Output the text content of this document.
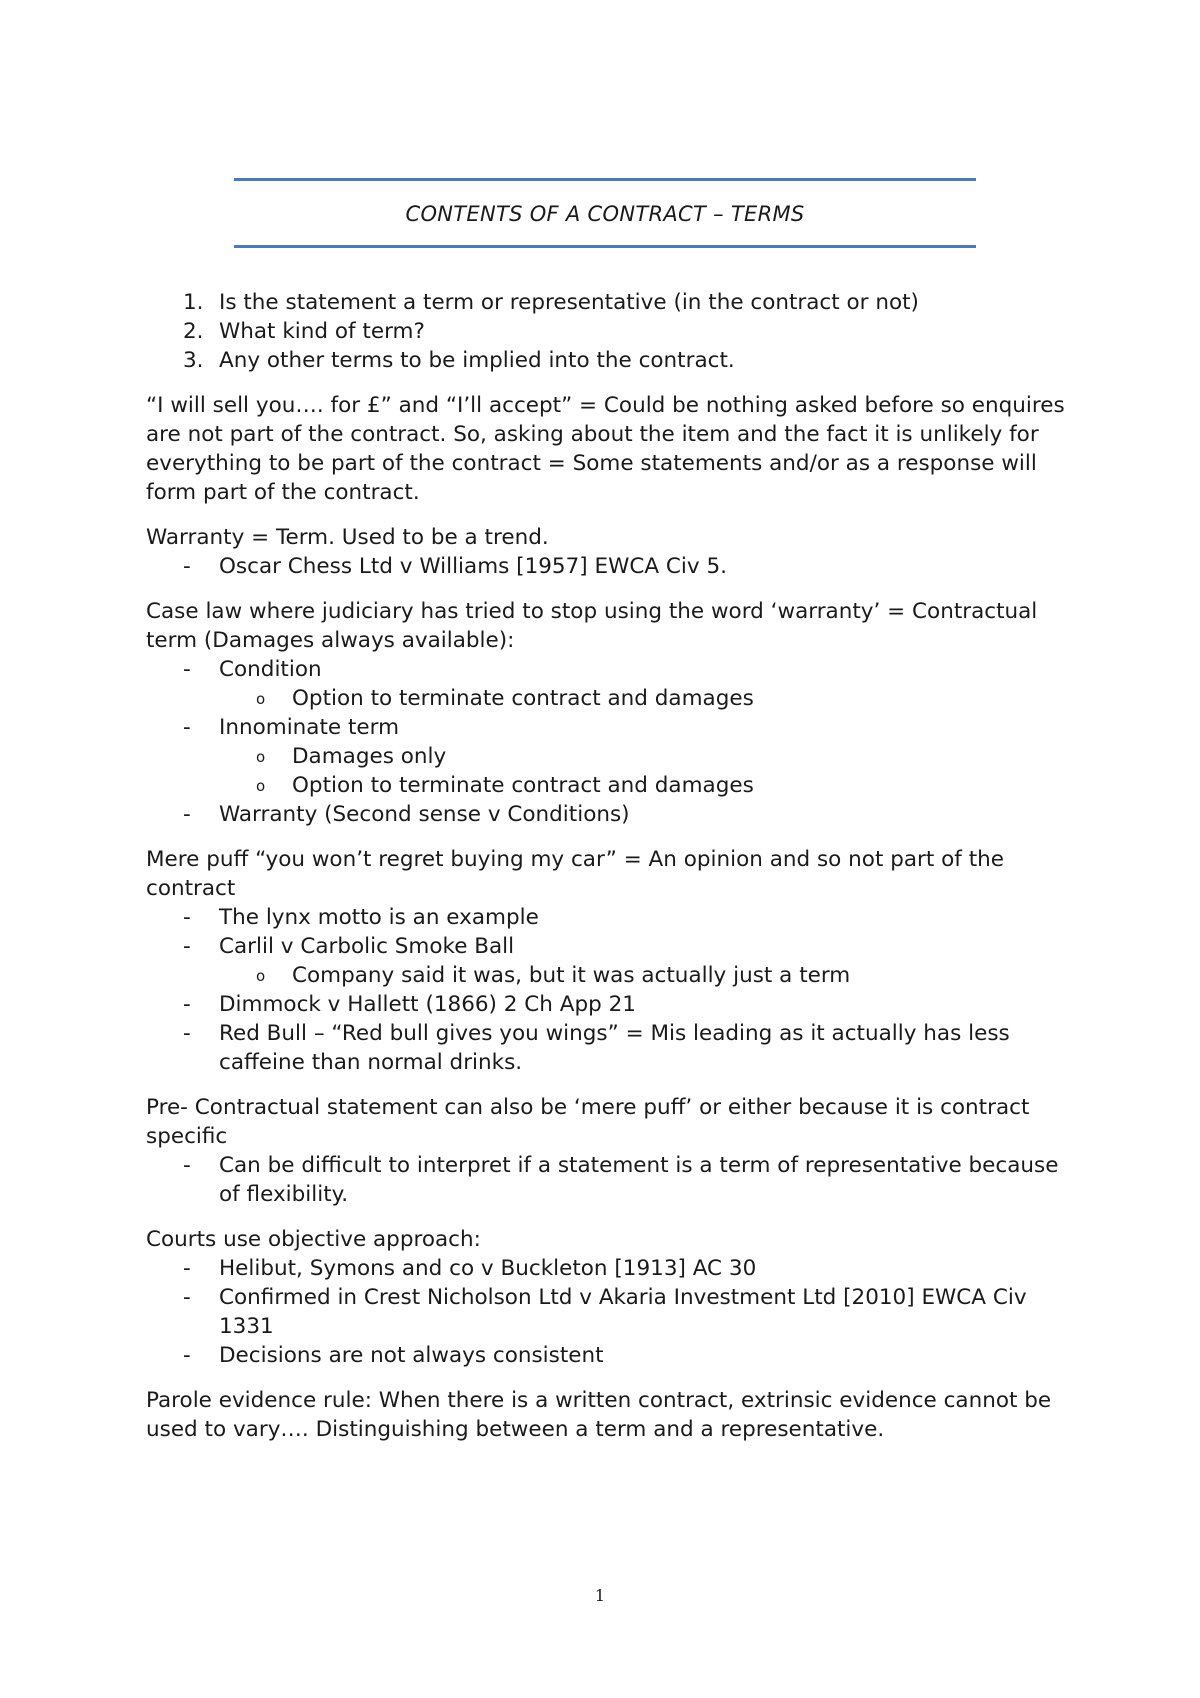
CONTENTS OF A CONTRACT – TERMS
1. Is the statement a term or representative (in the contract or not)
2. What kind of term?
3. Any other terms to be implied into the contract.

“I will sell you…. for £” and “I’ll accept” = Could be nothing asked before so enquires are not part of the contract. So, asking about the item and the fact it is unlikely for everything to be part of the contract = Some statements and/or as a response will form part of the contract.

Warranty = Term. Used to be a trend.

- Oscar Chess Ltd v Williams [1957] EWCA Civ 5.

Case law where judiciary has tried to stop using the word ‘warranty’ = Contractual term (Damages always available):

- Condition
o Option to terminate contract and damages
- Innominate term
o Damages only
o Option to terminate contract and damages
- Warranty (Second sense v Conditions)

Mere puff “you won’t regret buying my car” = An opinion and so not part of the contract

- The lynx motto is an example
- Carlil v Carbolic Smoke Ball
o Company said it was, but it was actually just a term
- Dimmock v Hallett (1866) 2 Ch App 21
- Red Bull – “Red bull gives you wings” = Mis leading as it actually has less caffeine than normal drinks.

Pre- Contractual statement can also be ‘mere puff’ or either because it is contract specific

- Can be difficult to interpret if a statement is a term of representative because of flexibility.

Courts use objective approach:

- Helibut, Symons and co v Buckleton [1913] AC 30
- Confirmed in Crest Nicholson Ltd v Akaria Investment Ltd [2010] EWCA Civ 1331
- Decisions are not always consistent

Parole evidence rule: When there is a written contract, extrinsic evidence cannot be used to vary…. Distinguishing between a term and a representative.

1
